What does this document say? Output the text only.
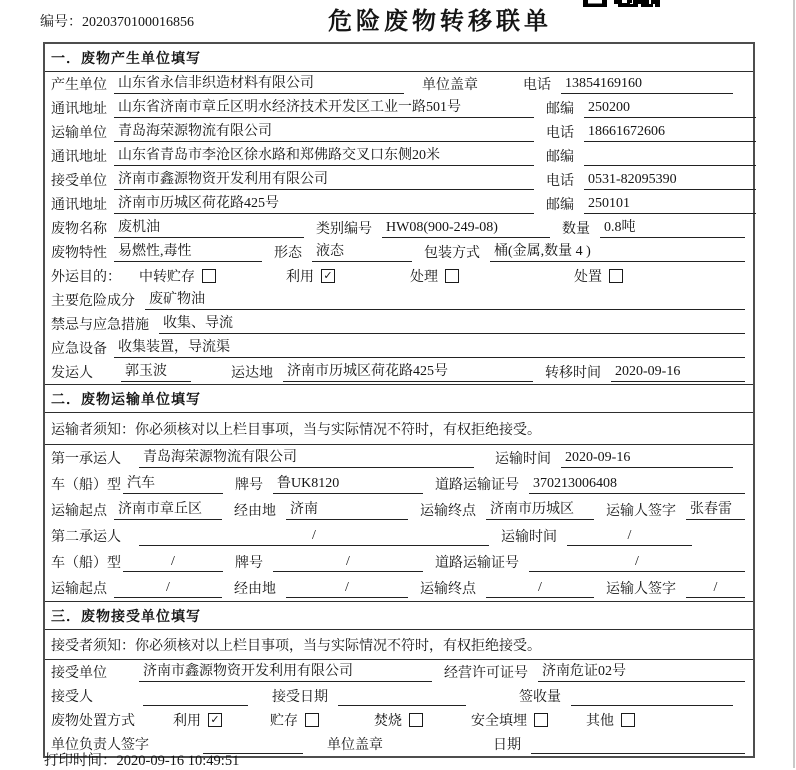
编号：2020370100016856	危险废物转移联单
一．废物产生单位填写
产生单位 山东省永信非织造材料有限公司	单位盖章	电话 13854169160
通讯地址 山东省济南市章丘区明水经济技术开发区工业一路501号	邮编 250200
运输单位 青岛海荣源物流有限公司	电话 18661672606
通讯地址 山东省青岛市李沧区徐水路和郑佛路交叉口东侧20米	邮编
接受单位 济南市鑫源物资开发利用有限公司	电话 0531-82095390
通讯地址 济南市历城区荷花路425号	邮编 250101
废物名称 废机油	类别编号 HW08(900-249-08)	数量 0.8吨
废物特性 易燃性,毒性	形态 液态	包装方式 桶(金属,数量 4 )
外运目的： 中转贮存	利用 ✓	处理	处置
主要危险成分 废矿物油
禁忌与应急措施 收集、导流
应急设备 收集装置，导流渠
发运人	郭玉波	运达地 济南市历城区荷花路425号	转移时间 2020-09-16
二．废物运输单位填写
运输者须知：你必须核对以上栏目事项，当与实际情况不符时，有权拒绝接受。
第一承运人	青岛海荣源物流有限公司	运输时间 2020-09-16
车（船）型 汽车	牌号 鲁UK8120	道路运输证号 370213006408
运输起点 济南市章丘区	经由地 济南	运输终点 济南市历城区	运输人签字 张春雷
第二承运人	/	运输时间	/
车（船）型	/	牌号	/	道路运输证号	/
运输起点	/	经由地	/	运输终点	/	运输人签字	/
三．废物接受单位填写
接受者须知：你必须核对以上栏目事项，当与实际情况不符时，有权拒绝接受。
接受单位	济南市鑫源物资开发利用有限公司	经营许可证号 济南危证02号
接受人	接受日期	签收量
废物处置方式	利用 ✓	贮存	焚烧	安全填埋	其他
单位负责人签字	单位盖章	日期
打印时间：2020-09-16 10:49:51
